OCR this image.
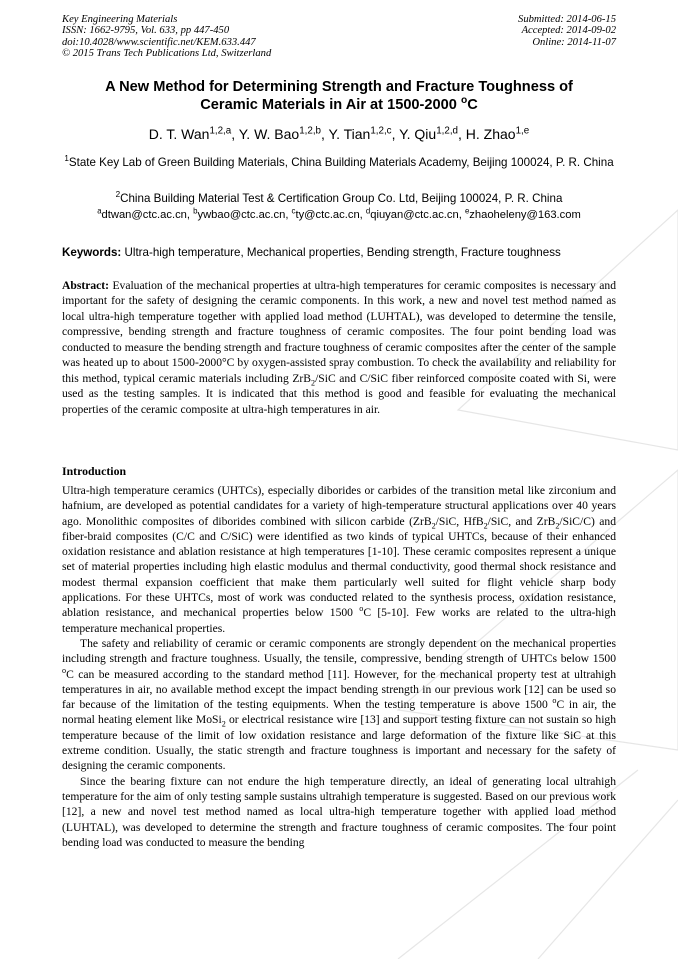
Key Engineering Materials
ISSN: 1662-9795, Vol. 633, pp 447-450
doi:10.4028/www.scientific.net/KEM.633.447
© 2015 Trans Tech Publications Ltd, Switzerland
Submitted: 2014-06-15
Accepted: 2014-09-02
Online: 2014-11-07
A New Method for Determining Strength and Fracture Toughness of
Ceramic Materials in Air at 1500-2000 $^o$C
D. T. Wan$^{1,2,a}$, Y. W. Bao$^{1,2,b}$, Y. Tian$^{1,2,c}$, Y. Qiu$^{1,2,d}$, H. Zhao$^{1,e}$
$^1$State Key Lab of Green Building Materials, China Building Materials Academy, Beijing 100024, P. R. China
$^2$China Building Material Test & Certification Group Co. Ltd, Beijing 100024, P. R. China
$^a$dtwan@ctc.ac.cn, $^b$ywbao@ctc.ac.cn, $^c$ty@ctc.ac.cn, $^d$qiuyan@ctc.ac.cn, $^e$zhaoheleny@163.com
Keywords: Ultra-high temperature, Mechanical properties, Bending strength, Fracture toughness
Abstract: Evaluation of the mechanical properties at ultra-high temperatures for ceramic composites is necessary and important for the safety of designing the ceramic components. In this work, a new and novel test method named as local ultra-high temperature together with applied load method (LUHTAL), was developed to determine the tensile, compressive, bending strength and fracture toughness of ceramic composites. The four point bending load was conducted to measure the bending strength and fracture toughness of ceramic composites after the center of the sample was heated up to about 1500-2000°C by oxygen-assisted spray combustion. To check the availability and reliability for this method, typical ceramic materials including ZrB$_2$/SiC and C/SiC fiber reinforced composite coated with Si, were used as the testing samples. It is indicated that this method is good and feasible for evaluating the mechanical properties of the ceramic composite at ultra-high temperatures in air.
Introduction

Ultra-high temperature ceramics (UHTCs), especially diborides or carbides of the transition metal like zirconium and hafnium, are developed as potential candidates for a variety of high-temperature structural applications over 40 years ago. Monolithic composites of diborides combined with silicon carbide (ZrB$_2$/SiC, HfB$_2$/SiC, and ZrB$_2$/SiC/C) and fiber-braid composites (C/C and C/SiC) were identified as two kinds of typical UHTCs, because of their enhanced oxidation resistance and ablation resistance at high temperatures [1-10]. These ceramic composites represent a unique set of material properties including high elastic modulus and thermal conductivity, good thermal shock resistance and modest thermal expansion coefficient that make them particularly well suited for flight vehicle sharp body applications. For these UHTCs, most of work was conducted related to the synthesis process, oxidation resistance, ablation resistance, and mechanical properties below 1500 $^o$C [5-10]. Few works are related to the ultra-high temperature mechanical properties.

The safety and reliability of ceramic or ceramic components are strongly dependent on the mechanical properties including strength and fracture toughness. Usually, the tensile, compressive, bending strength of UHTCs below 1500 $^o$C can be measured according to the standard method [11]. However, for the mechanical property test at ultrahigh temperatures in air, no available method except the impact bending strength in our previous work [12] can be used so far because of the limitation of the testing equipments. When the testing temperature is above 1500 $^o$C in air, the normal heating element like MoSi$_2$ or electrical resistance wire [13] and support testing fixture can not sustain so high temperature because of the limit of low oxidation resistance and large deformation of the fixture like SiC at this extreme condition. Usually, the static strength and fracture toughness is important and necessary for the safety of designing the ceramic components.

Since the bearing fixture can not endure the high temperature directly, an ideal of generating local ultrahigh temperature for the aim of only testing sample sustains ultrahigh temperature is suggested. Based on our previous work [12], a new and novel test method named as local ultra-high temperature together with applied load method (LUHTAL), was developed to determine the strength and fracture toughness of ceramic composites. The four point bending load was conducted to measure the bending
